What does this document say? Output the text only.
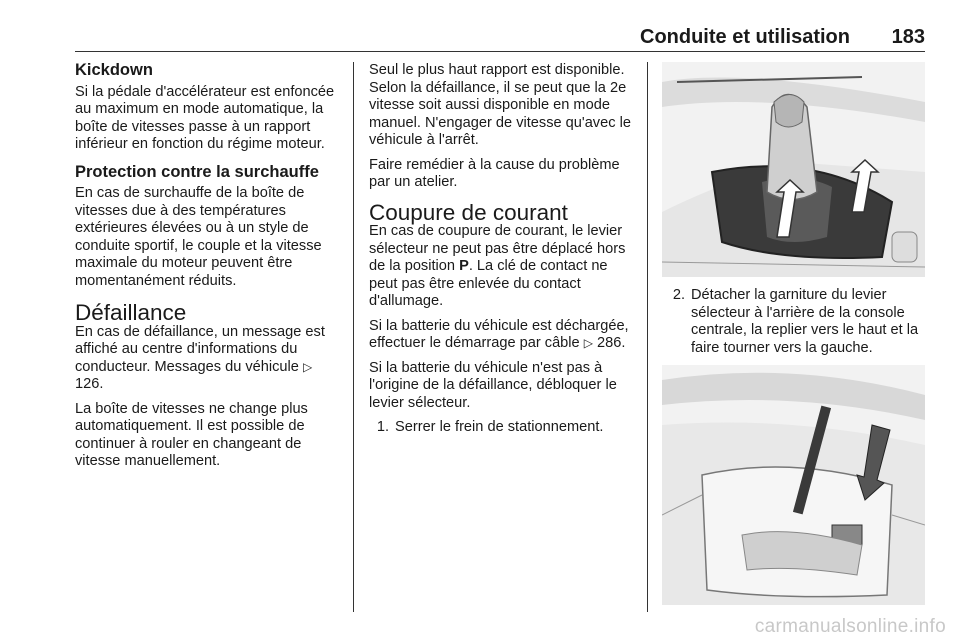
Conduite et utilisation 183
Kickdown

Si la pédale d'accélérateur est enfoncée au maximum en mode automatique, la boîte de vitesses passe à un rapport inférieur en fonction du régime moteur.

Protection contre la surchauffe

En cas de surchauffe de la boîte de vitesses due à des températures extérieures élevées ou à un style de conduite sportif, le couple et la vitesse maximale du moteur peuvent être momentanément réduits.

Défaillance

En cas de défaillance, un message est affiché au centre d'informations du conducteur. Messages du véhicule ▷ 126.

La boîte de vitesses ne change plus automatiquement. Il est possible de continuer à rouler en changeant de vitesse manuellement.

Seul le plus haut rapport est disponible. Selon la défaillance, il se peut que la 2e vitesse soit aussi disponible en mode manuel. N'engager de vitesse qu'avec le véhicule à l'arrêt.

Faire remédier à la cause du problème par un atelier.

Coupure de courant

En cas de coupure de courant, le levier sélecteur ne peut pas être déplacé hors de la position P. La clé de contact ne peut pas être enlevée du contact d'allumage.

Si la batterie du véhicule est déchargée, effectuer le démarrage par câble ▷ 286.

Si la batterie du véhicule n'est pas à l'origine de la défaillance, débloquer le levier sélecteur.

1. Serrer le frein de stationnement.
2. Détacher la garniture du levier sélecteur à l'arrière de la console centrale, la replier vers le haut et la faire tourner vers la gauche.
carmanualsonline.info
